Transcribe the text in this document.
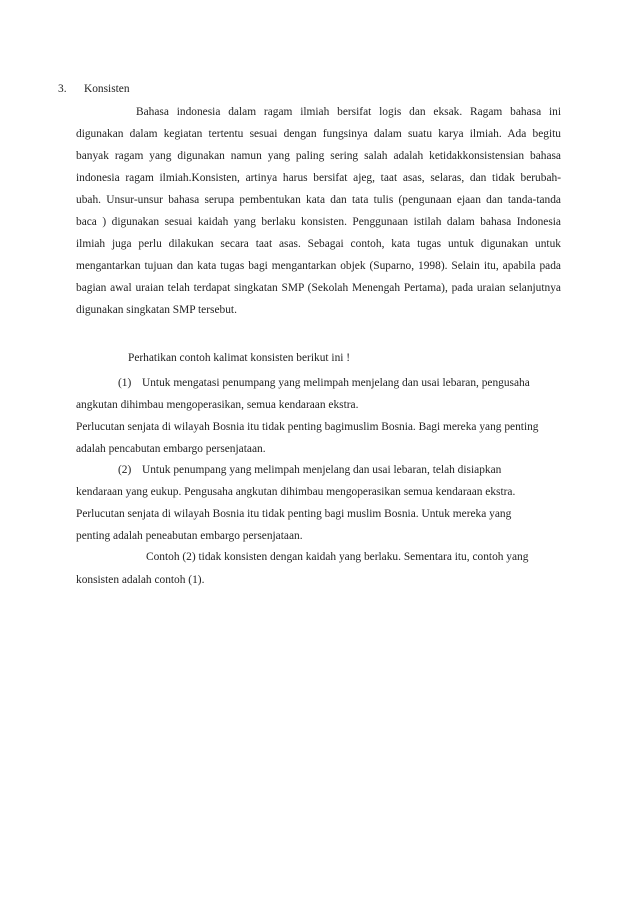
3. Konsisten
Bahasa indonesia dalam ragam ilmiah bersifat logis dan eksak. Ragam bahasa ini
digunakan dalam kegiatan tertentu sesuai dengan fungsinya dalam suatu karya ilmiah. Ada begitu
banyak ragam yang digunakan namun yang paling sering salah adalah ketidakkonsistensian bahasa
indonesia ragam ilmiah.Konsisten, artinya harus bersifat ajeg, taat asas, selaras, dan tidak berubah-
ubah. Unsur-unsur bahasa serupa pembentukan kata dan tata tulis (pengunaan ejaan dan tanda-tanda
baca ) digunakan sesuai kaidah yang berlaku konsisten. Penggunaan istilah dalam bahasa Indonesia
ilmiah juga perlu dilakukan secara taat asas. Sebagai contoh, kata tugas untuk digunakan untuk
mengantarkan tujuan dan kata tugas bagi mengantarkan objek (Suparno, 1998). Selain itu, apabila pada
bagian awal uraian telah terdapat singkatan SMP (Sekolah Menengah Pertama), pada uraian selanjutnya
digunakan singkatan SMP tersebut.
Perhatikan contoh kalimat konsisten berikut ini !
(1) Untuk mengatasi penumpang yang melimpah menjelang dan usai lebaran, pengusaha
angkutan dihimbau mengoperasikan, semua kendaraan ekstra.
Perlucutan senjata di wilayah Bosnia itu tidak penting bagimuslim Bosnia. Bagi mereka yang penting
adalah pencabutan embargo persenjataan.
(2) Untuk penumpang yang melimpah menjelang dan usai lebaran, telah disiapkan
kendaraan yang eukup. Pengusaha angkutan dihimbau mengoperasikan semua kendaraan ekstra.
Perlucutan senjata di wilayah Bosnia itu tidak penting bagi muslim Bosnia. Untuk mereka yang
penting adalah peneabutan embargo persenjataan.
Contoh (2) tidak konsisten dengan kaidah yang berlaku. Sementara itu, contoh yang
konsisten adalah contoh (1).
